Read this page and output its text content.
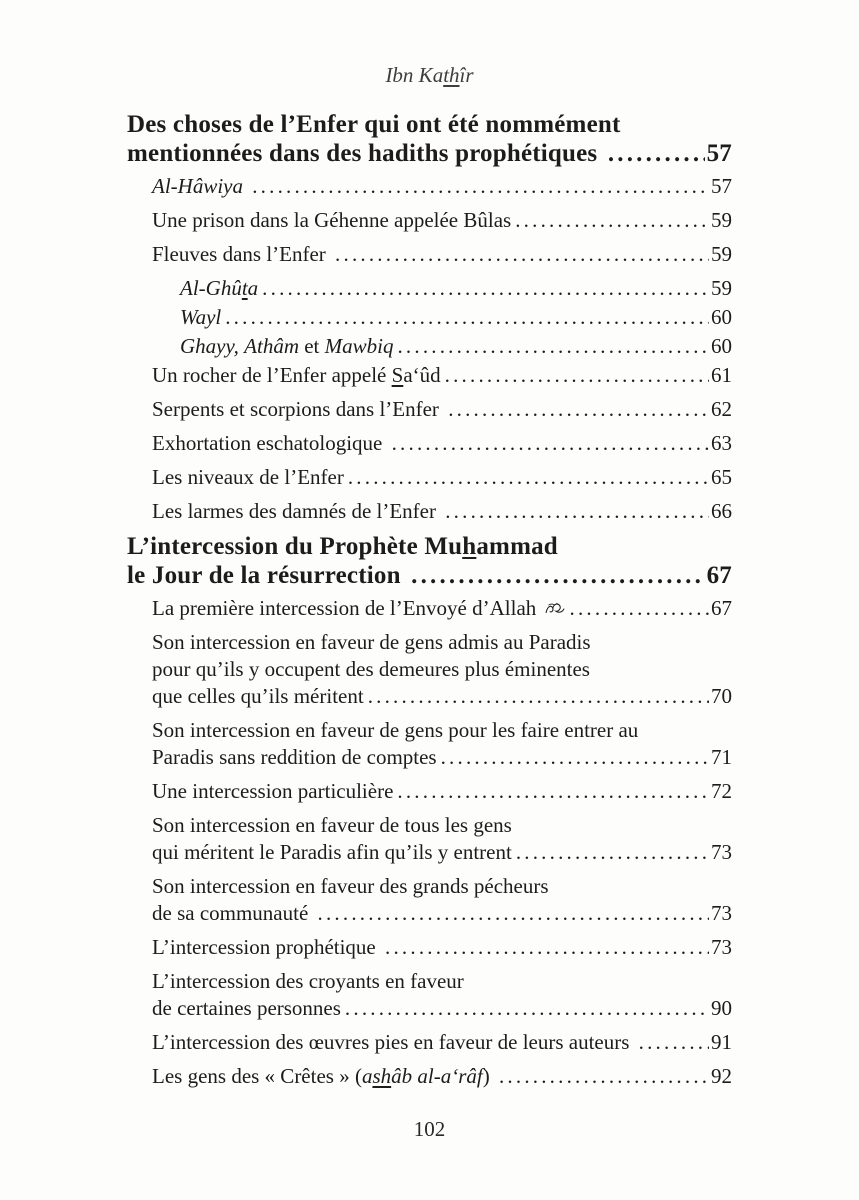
Ibn Kathîr
Des choses de l’Enfer qui ont été nommément
mentionnées dans des hadiths prophétiques .....	57
Al-Hâwiya .....	57
Une prison dans la Géhenne appelée Bûlas .....	59
Fleuves dans l’Enfer .....	59
Al-Ghûta .....	59
Wayl .....	60
Ghayy, Athâm et Mawbiq .....	60
Un rocher de l’Enfer appelé Sa‘ûd .....	61
Serpents et scorpions dans l’Enfer .....	62
Exhortation eschatologique .....	63
Les niveaux de l’Enfer .....	65
Les larmes des damnés de l’Enfer .....	66
L’intercession du Prophète Muhammad
le Jour de la résurrection .....	67
La première intercession de l’Envoyé d’Allah .....	67
Son intercession en faveur de gens admis au Paradis
pour qu’ils y occupent des demeures plus éminentes
que celles qu’ils méritent .....	70
Son intercession en faveur de gens pour les faire entrer au
Paradis sans reddition de comptes .....	71
Une intercession particulière .....	72
Son intercession en faveur de tous les gens
qui méritent le Paradis afin qu’ils y entrent .....	73
Son intercession en faveur des grands pécheurs
de sa communauté .....	73
L’intercession prophétique .....	73
L’intercession des croyants en faveur
de certaines personnes .....	90
L’intercession des œuvres pies en faveur de leurs auteurs .....	91
Les gens des « Crêtes » (ashâb al-a‘râf) .....	92
102
